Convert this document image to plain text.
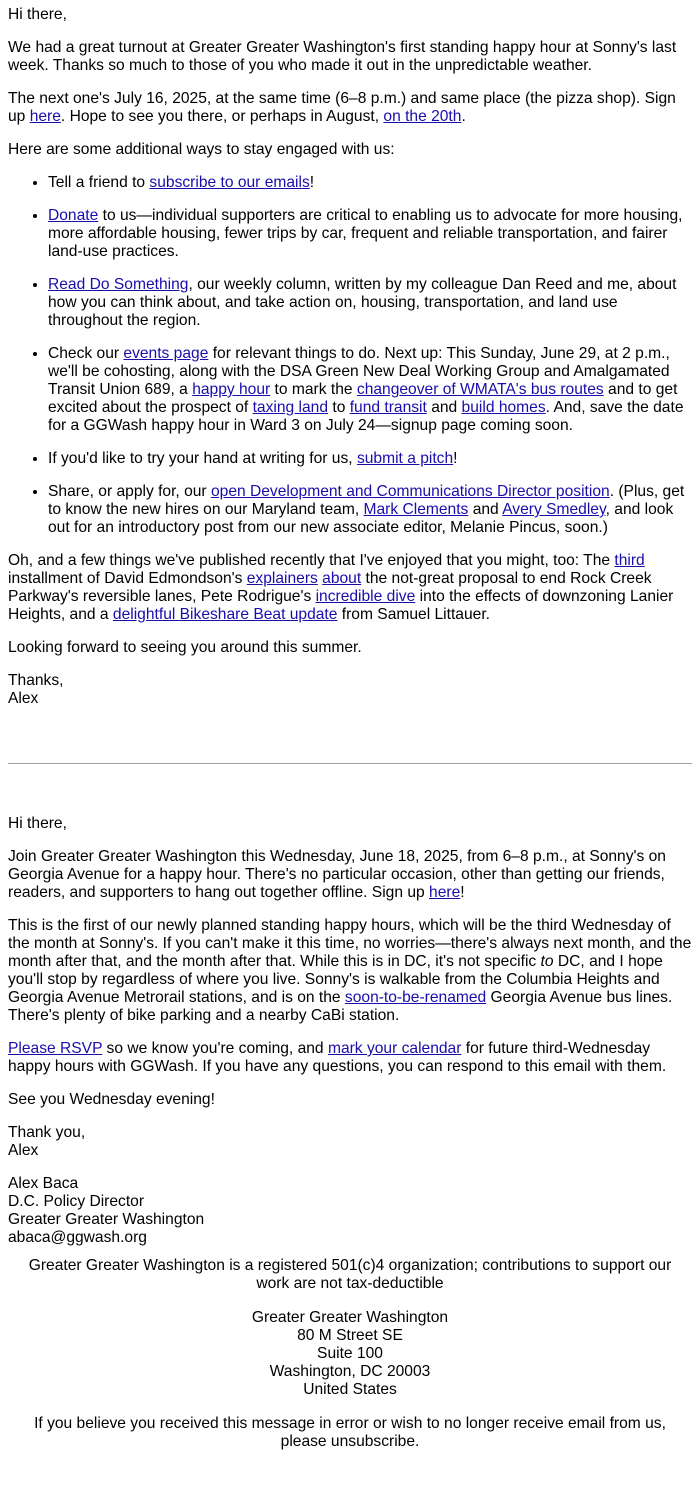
Hi there,

We had a great turnout at Greater Greater Washington's first standing happy hour at Sonny's last week. Thanks so much to those of you who made it out in the unpredictable weather.

The next one's July 16, 2025, at the same time (6–8 p.m.) and same place (the pizza shop). Sign up here. Hope to see you there, or perhaps in August, on the 20th.

Here are some additional ways to stay engaged with us:

• Tell a friend to subscribe to our emails!
• Donate to us—individual supporters are critical to enabling us to advocate for more housing, more affordable housing, fewer trips by car, frequent and reliable transportation, and fairer land-use practices.
• Read Do Something, our weekly column, written by my colleague Dan Reed and me, about how you can think about, and take action on, housing, transportation, and land use throughout the region.
• Check our events page for relevant things to do. Next up: This Sunday, June 29, at 2 p.m., we'll be cohosting, along with the DSA Green New Deal Working Group and Amalgamated Transit Union 689, a happy hour to mark the changeover of WMATA's bus routes and to get excited about the prospect of taxing land to fund transit and build homes. And, save the date for a GGWash happy hour in Ward 3 on July 24—signup page coming soon.
• If you'd like to try your hand at writing for us, submit a pitch!
• Share, or apply for, our open Development and Communications Director position. (Plus, get to know the new hires on our Maryland team, Mark Clements and Avery Smedley, and look out for an introductory post from our new associate editor, Melanie Pincus, soon.)

Oh, and a few things we've published recently that I've enjoyed that you might, too: The third installment of David Edmondson's explainers about the not-great proposal to end Rock Creek Parkway's reversible lanes, Pete Rodrigue's incredible dive into the effects of downzoning Lanier Heights, and a delightful Bikeshare Beat update from Samuel Littauer.

Looking forward to seeing you around this summer.

Thanks,
Alex

Hi there,

Join Greater Greater Washington this Wednesday, June 18, 2025, from 6–8 p.m., at Sonny's on Georgia Avenue for a happy hour. There's no particular occasion, other than getting our friends, readers, and supporters to hang out together offline. Sign up here!

This is the first of our newly planned standing happy hours, which will be the third Wednesday of the month at Sonny's. If you can't make it this time, no worries—there's always next month, and the month after that, and the month after that. While this is in DC, it's not specific to DC, and I hope you'll stop by regardless of where you live. Sonny's is walkable from the Columbia Heights and Georgia Avenue Metrorail stations, and is on the soon-to-be-renamed Georgia Avenue bus lines. There's plenty of bike parking and a nearby CaBi station.

Please RSVP so we know you're coming, and mark your calendar for future third-Wednesday happy hours with GGWash. If you have any questions, you can respond to this email with them.

See you Wednesday evening!

Thank you,
Alex

Alex Baca
D.C. Policy Director
Greater Greater Washington
abaca@ggwash.org

Greater Greater Washington is a registered 501(c)4 organization; contributions to support our work are not tax-deductible

Greater Greater Washington
80 M Street SE
Suite 100
Washington, DC 20003
United States

If you believe you received this message in error or wish to no longer receive email from us, please unsubscribe.
